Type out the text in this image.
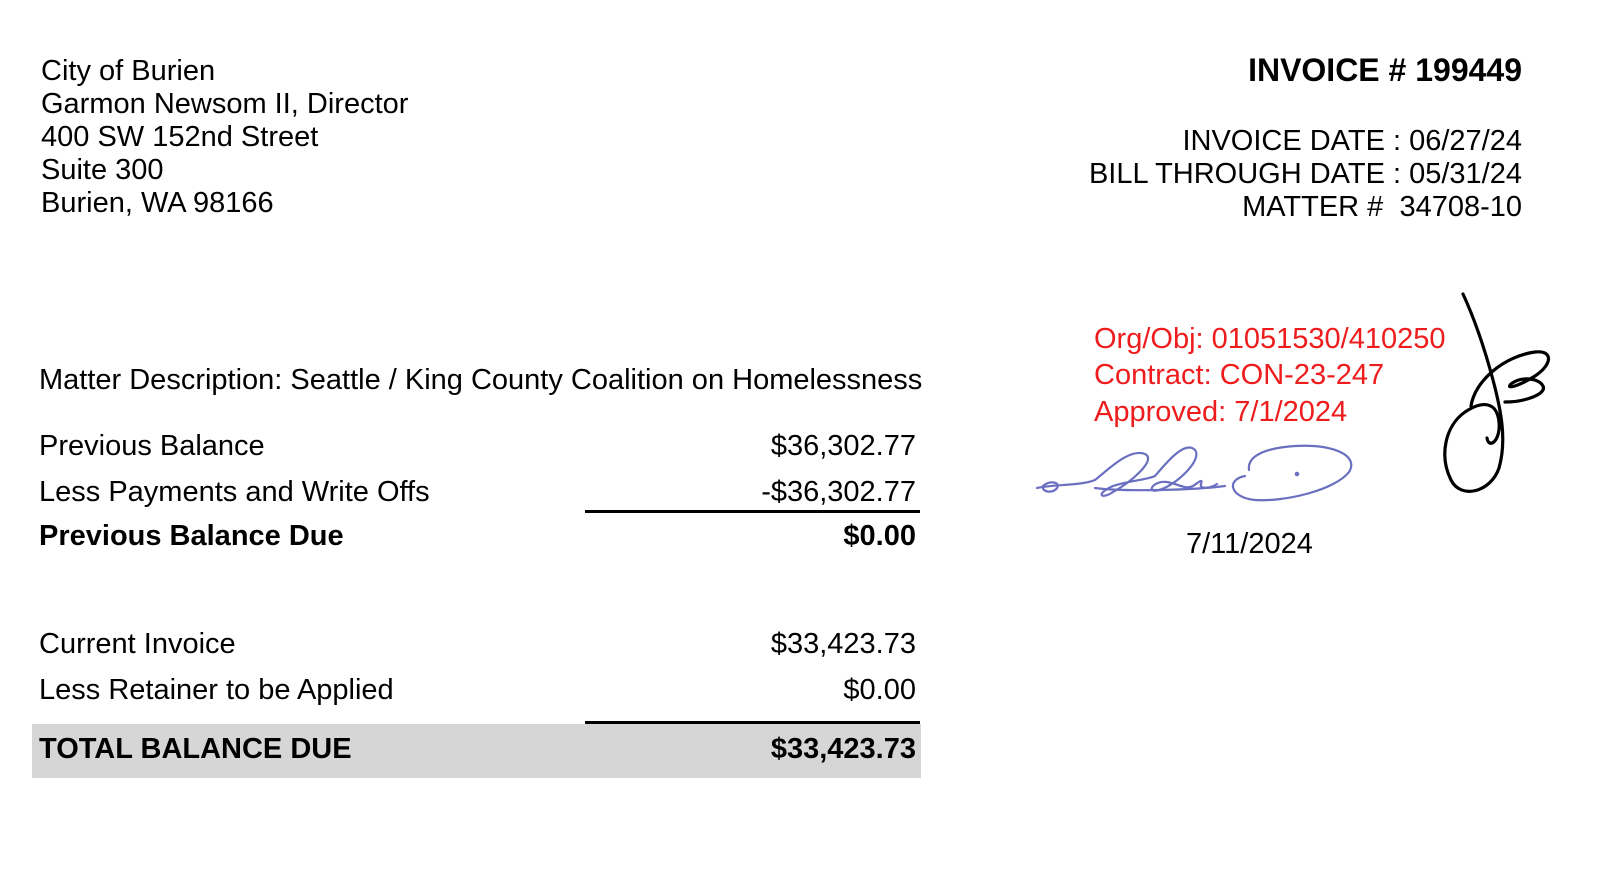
City of Burien
Garmon Newsom II, Director
400 SW 152nd Street
Suite 300
Burien, WA 98166
INVOICE # 199449
INVOICE DATE : 06/27/24
BILL THROUGH DATE : 05/31/24
MATTER # 34708-10
Matter Description: Seattle / King County Coalition on Homelessness
Previous Balance	$36,302.77
Less Payments and Write Offs	-$36,302.77
Previous Balance Due	$0.00
Current Invoice	$33,423.73
Less Retainer to be Applied	$0.00
TOTAL BALANCE DUE	$33,423.73
Org/Obj: 01051530/410250
Contract: CON-23-247
Approved: 7/1/2024
7/11/2024
